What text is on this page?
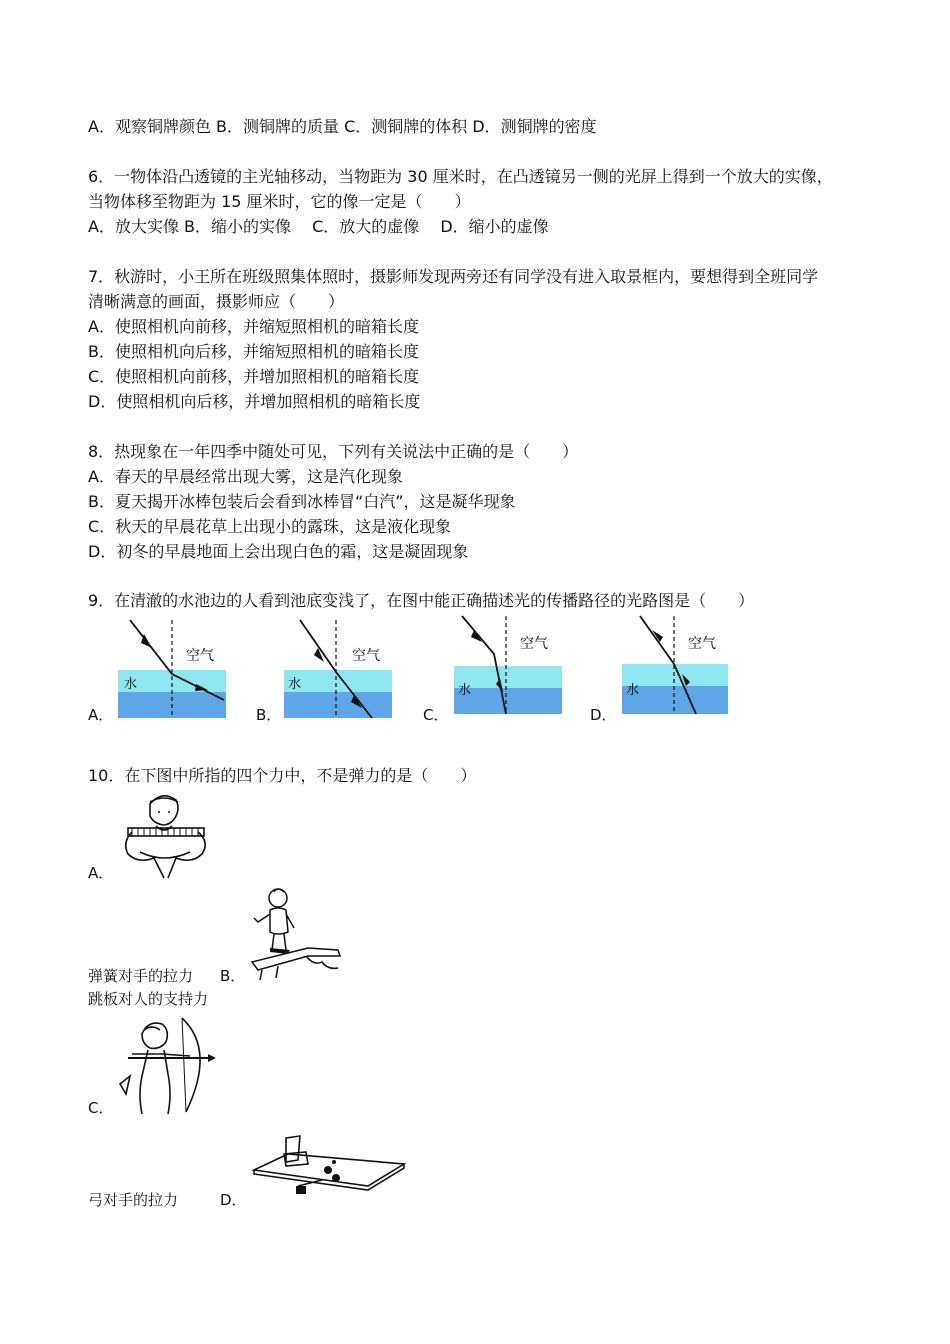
A．观察铜牌颜色 B．测铜牌的质量 C．测铜牌的体积 D．测铜牌的密度
6．一物体沿凸透镜的主光轴移动，当物距为 30 厘米时，在凸透镜另一侧的光屏上得到一个放大的实像，
当物体移至物距为 15 厘米时，它的像一定是（　　）
A．放大实像 B．缩小的实像　 C．放大的虚像　 D．缩小的虚像
7．秋游时，小王所在班级照集体照时，摄影师发现两旁还有同学没有进入取景框内，要想得到全班同学
清晰满意的画面，摄影师应（　　）
A．使照相机向前移，并缩短照相机的暗箱长度
B．使照相机向后移，并缩短照相机的暗箱长度
C．使照相机向前移，并增加照相机的暗箱长度
D．使照相机向后移，并增加照相机的暗箱长度
8．热现象在一年四季中随处可见，下列有关说法中正确的是（　　）
A．春天的早晨经常出现大雾，这是汽化现象
B．夏天揭开冰棒包装后会看到冰棒冒“白汽”，这是凝华现象
C．秋天的早晨花草上出现小的露珠，这是液化现象
D．初冬的早晨地面上会出现白色的霜，这是凝固现象
9．在清澈的水池边的人看到池底变浅了，在图中能正确描述光的传播路径的光路图是（　　）
空气
水
A．
空气
水
B．
空气
水
C．
空气
水
D．
10．在下图中所指的四个力中，不是弹力的是（　　）
A．
弹簧对手的拉力 B．
跳板对人的支持力
C．
弓对手的拉力	D．
